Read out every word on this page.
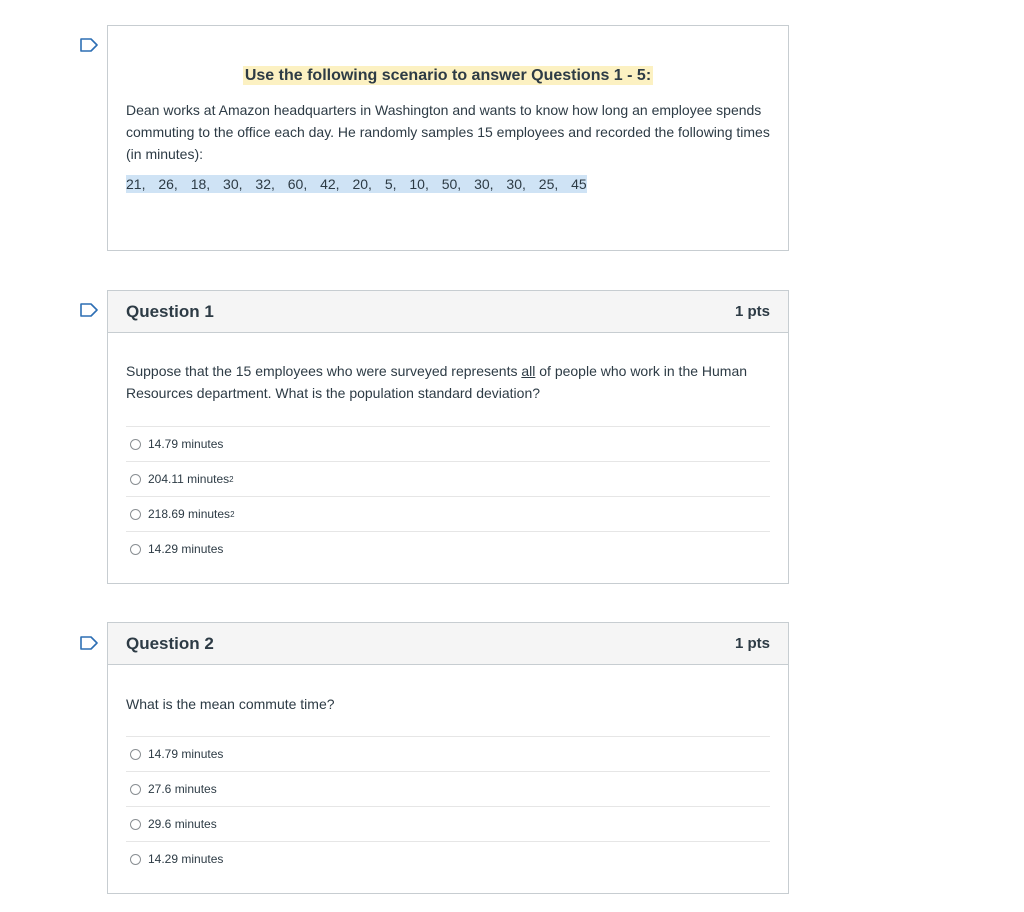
Use the following scenario to answer Questions 1 - 5:
Dean works at Amazon headquarters in Washington and wants to know how long an employee spends commuting to the office each day. He randomly samples 15 employees and recorded the following times (in minutes):
21, 26, 18, 30, 32, 60, 42, 20, 5, 10, 50, 30, 30, 25, 45
Question 1	1 pts
Suppose that the 15 employees who were surveyed represents all of people who work in the Human Resources department. What is the population standard deviation?
14.79 minutes
204.11 minutes 2
218.69 minutes 2
14.29 minutes
Question 2	1 pts
What is the mean commute time?
14.79 minutes
27.6 minutes
29.6 minutes
14.29 minutes
